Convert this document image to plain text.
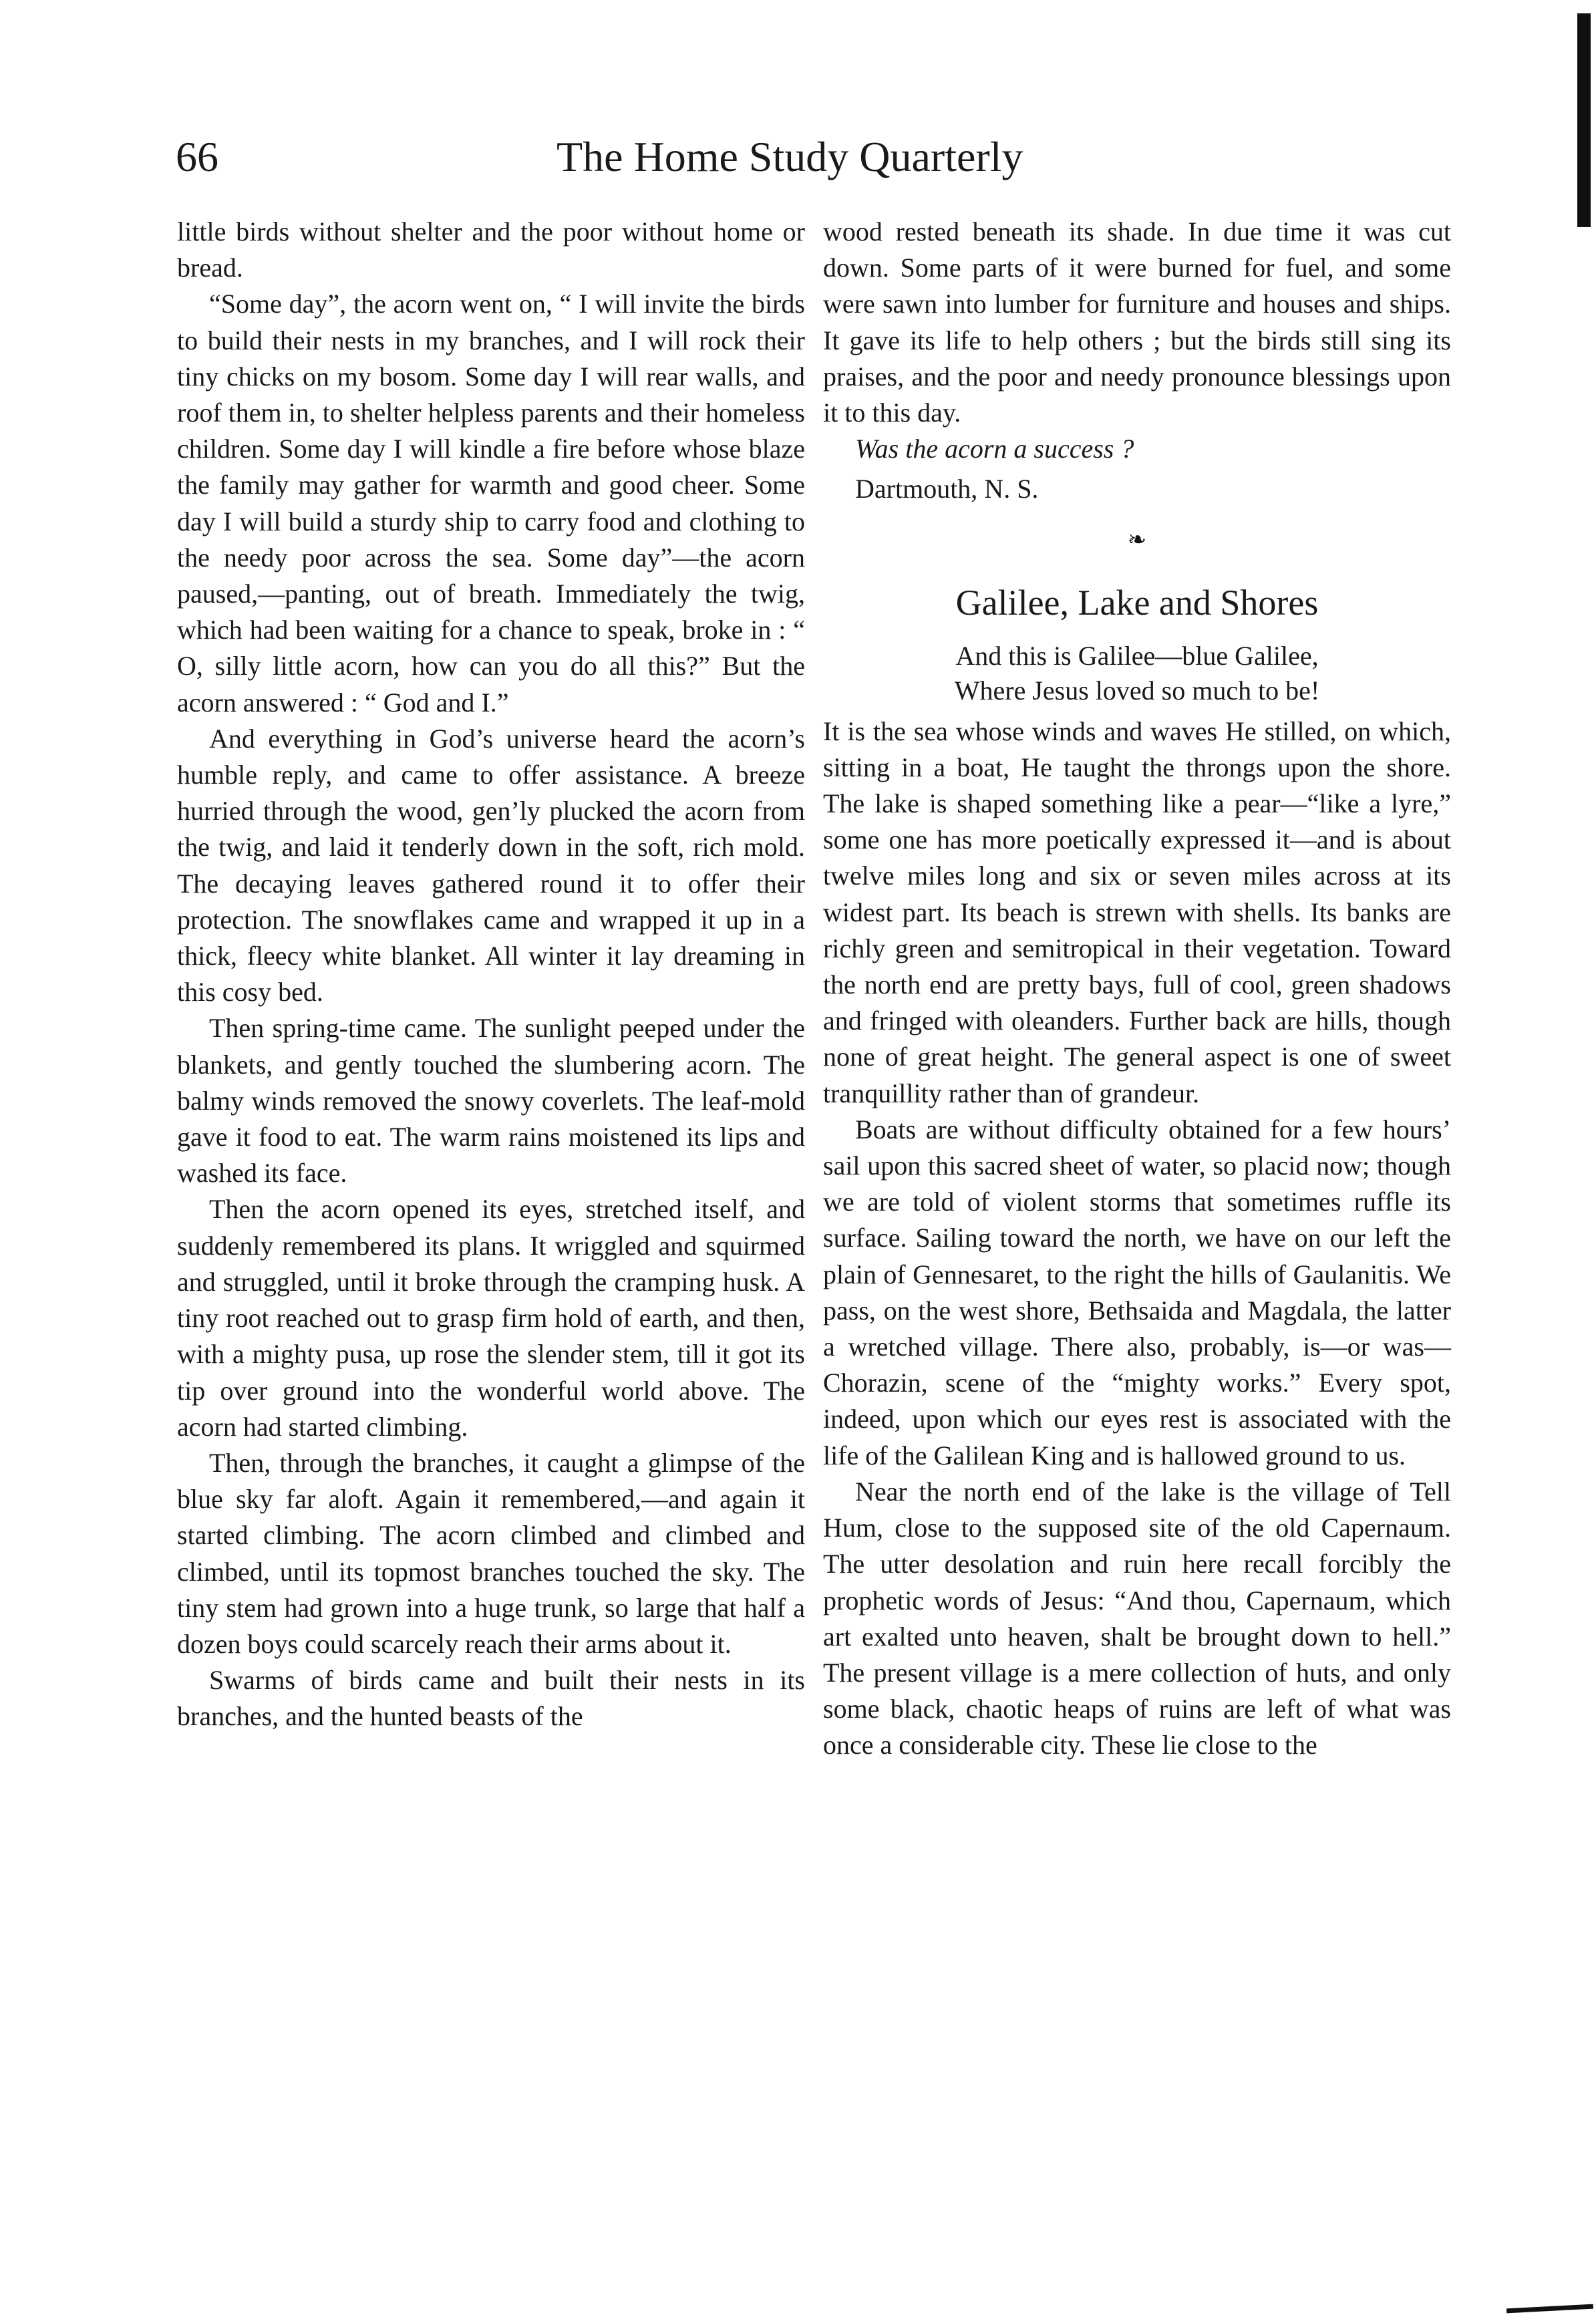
66	The Home Study Quarterly

little birds without shelter and the poor without home or bread.

“Some day”, the acorn went on, “ I will invite the birds to build their nests in my branches, and I will rock their tiny chicks on my bosom. Some day I will rear walls, and roof them in, to shelter helpless parents and their homeless children. Some day I will kindle a fire before whose blaze the family may gather for warmth and good cheer. Some day I will build a sturdy ship to carry food and clothing to the needy poor across the sea. Some day”—the acorn paused,—panting, out of breath. Immediately the twig, which had been waiting for a chance to speak, broke in : “ O, silly little acorn, how can you do all this?” But the acorn answered : “ God and I.”

And everything in God’s universe heard the acorn’s humble reply, and came to offer assistance. A breeze hurried through the wood, gen’ly plucked the acorn from the twig, and laid it tenderly down in the soft, rich mold. The decaying leaves gathered round it to offer their protection. The snowflakes came and wrapped it up in a thick, fleecy white blanket. All winter it lay dreaming in this cosy bed.

Then spring-time came. The sunlight peeped under the blankets, and gently touched the slumbering acorn. The balmy winds removed the snowy coverlets. The leaf-mold gave it food to eat. The warm rains moistened its lips and washed its face.

Then the acorn opened its eyes, stretched itself, and suddenly remembered its plans. It wriggled and squirmed and struggled, until it broke through the cramping husk. A tiny root reached out to grasp firm hold of earth, and then, with a mighty pusa, up rose the slender stem, till it got its tip over ground into the wonderful world above. The acorn had started climbing.

Then, through the branches, it caught a glimpse of the blue sky far aloft. Again it remembered,—and again it started climbing. The acorn climbed and climbed and climbed, until its topmost branches touched the sky. The tiny stem had grown into a huge trunk, so large that half a dozen boys could scarcely reach their arms about it.

Swarms of birds came and built their nests in its branches, and the hunted beasts of the

wood rested beneath its shade. In due time it was cut down. Some parts of it were burned for fuel, and some were sawn into lumber for furniture and houses and ships. It gave its life to help others ; but the birds still sing its praises, and the poor and needy pronounce blessings upon it to this day.

Was the acorn a success ?

Dartmouth, N. S.

❧
Galilee, Lake and Shores
And this is Galilee—blue Galilee,
Where Jesus loved so much to be!

It is the sea whose winds and waves He stilled, on which, sitting in a boat, He taught the throngs upon the shore. The lake is shaped something like a pear—“like a lyre,” some one has more poetically expressed it—and is about twelve miles long and six or seven miles across at its widest part. Its beach is strewn with shells. Its banks are richly green and semitropical in their vegetation. Toward the north end are pretty bays, full of cool, green shadows and fringed with oleanders. Further back are hills, though none of great height. The general aspect is one of sweet tranquillity rather than of grandeur.

Boats are without difficulty obtained for a few hours’ sail upon this sacred sheet of water, so placid now; though we are told of violent storms that sometimes ruffle its surface. Sailing toward the north, we have on our left the plain of Gennesaret, to the right the hills of Gaulanitis. We pass, on the west shore, Bethsaida and Magdala, the latter a wretched village. There also, probably, is—or was—Chorazin, scene of the “mighty works.” Every spot, indeed, upon which our eyes rest is associated with the life of the Galilean King and is hallowed ground to us.

Near the north end of the lake is the village of Tell Hum, close to the supposed site of the old Capernaum. The utter desolation and ruin here recall forcibly the prophetic words of Jesus: “And thou, Capernaum, which art exalted unto heaven, shalt be brought down to hell.” The present village is a mere collection of huts, and only some black, chaotic heaps of ruins are left of what was once a considerable city. These lie close to the
